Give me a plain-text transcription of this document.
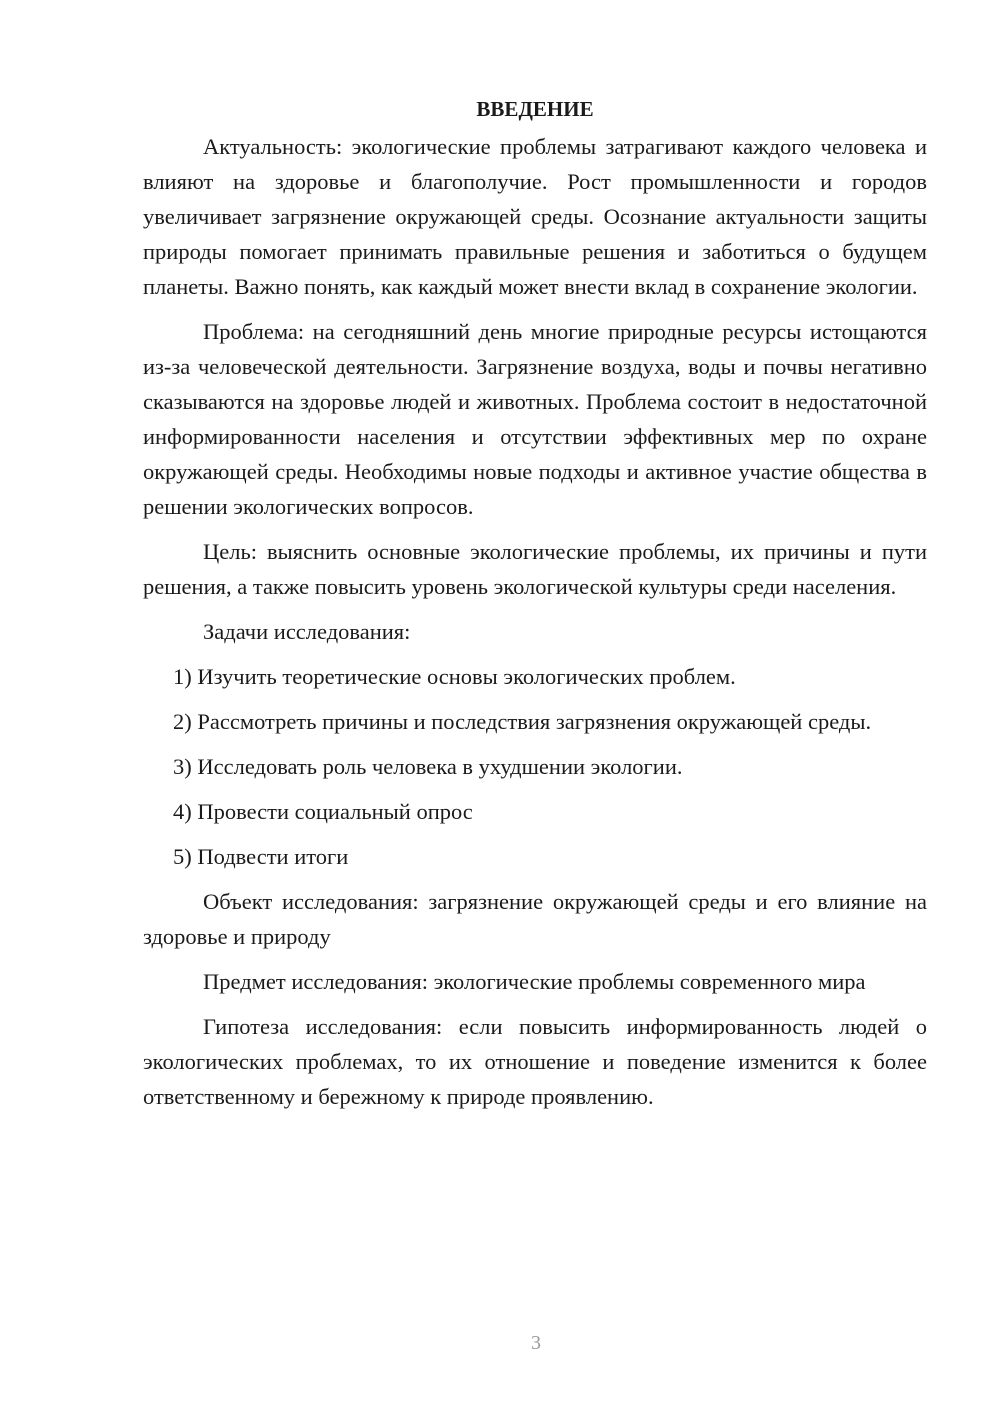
ВВЕДЕНИЕ

Актуальность: экологические проблемы затрагивают каждого человека и влияют на здоровье и благополучие. Рост промышленности и городов увеличивает загрязнение окружающей среды. Осознание актуальности защиты природы помогает принимать правильные решения и заботиться о будущем планеты. Важно понять, как каждый может внести вклад в сохранение экологии.

Проблема: на сегодняшний день многие природные ресурсы истощаются из-за человеческой деятельности. Загрязнение воздуха, воды и почвы негативно сказываются на здоровье людей и животных. Проблема состоит в недостаточной информированности населения и отсутствии эффективных мер по охране окружающей среды. Необходимы новые подходы и активное участие общества в решении экологических вопросов.

Цель: выяснить основные экологические проблемы, их причины и пути решения, а также повысить уровень экологической культуры среди населения.

Задачи исследования:

1) Изучить теоретические основы экологических проблем.

2) Рассмотреть причины и последствия загрязнения окружающей среды.

3) Исследовать роль человека в ухудшении экологии.

4) Провести социальный опрос

5) Подвести итоги

Объект исследования: загрязнение окружающей среды и его влияние на здоровье и природу

Предмет исследования: экологические проблемы современного мира

Гипотеза исследования: если повысить информированность людей о экологических проблемах, то их отношение и поведение изменится к более ответственному и бережному к природе проявлению.

3
